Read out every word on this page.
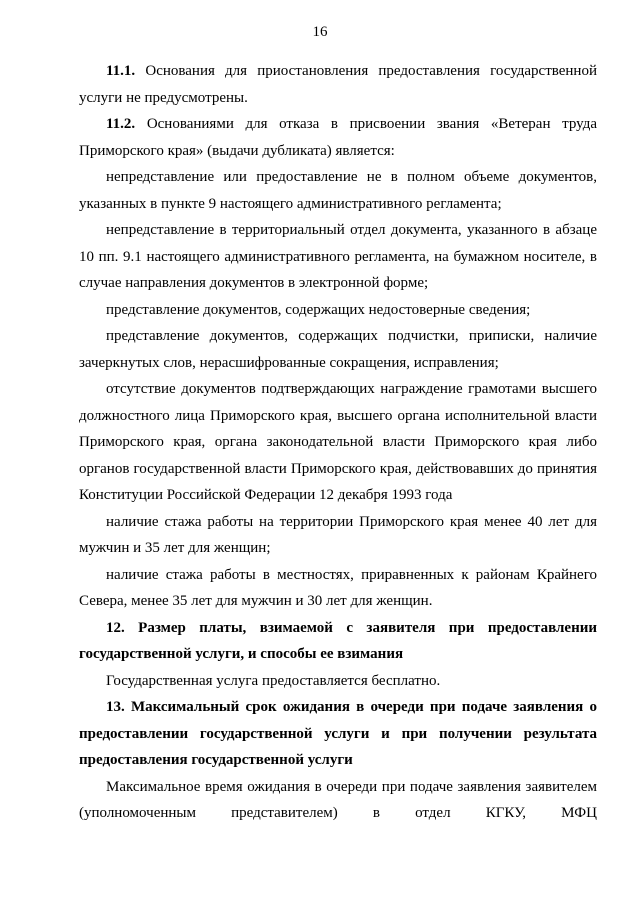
16

11.1. Основания для приостановления предоставления государственной услуги не предусмотрены.

11.2. Основаниями для отказа в присвоении звания «Ветеран труда Приморского края» (выдачи дубликата) является:

непредставление или предоставление не в полном объеме документов, указанных в пункте 9 настоящего административного регламента;

непредставление в территориальный отдел документа, указанного в абзаце 10 пп. 9.1 настоящего административного регламента, на бумажном носителе, в случае направления документов в электронной форме;

представление документов, содержащих недостоверные сведения;

представление документов, содержащих подчистки, приписки, наличие зачеркнутых слов, нерасшифрованные сокращения, исправления;

отсутствие документов подтверждающих награждение грамотами высшего должностного лица Приморского края, высшего органа исполнительной власти Приморского края, органа законодательной власти Приморского края либо органов государственной власти Приморского края, действовавших до принятия Конституции Российской Федерации 12 декабря 1993 года

наличие стажа работы на территории Приморского края менее 40 лет для мужчин и 35 лет для женщин;

наличие стажа работы в местностях, приравненных к районам Крайнего Севера, менее 35 лет для мужчин и 30 лет для женщин.

12. Размер платы, взимаемой с заявителя при предоставлении государственной услуги, и способы ее взимания

Государственная услуга предоставляется бесплатно.

13. Максимальный срок ожидания в очереди при подаче заявления о предоставлении государственной услуги и при получении результата предоставления государственной услуги

Максимальное время ожидания в очереди при подаче заявления заявителем (уполномоченным представителем) в отдел КГКУ, МФЦ
